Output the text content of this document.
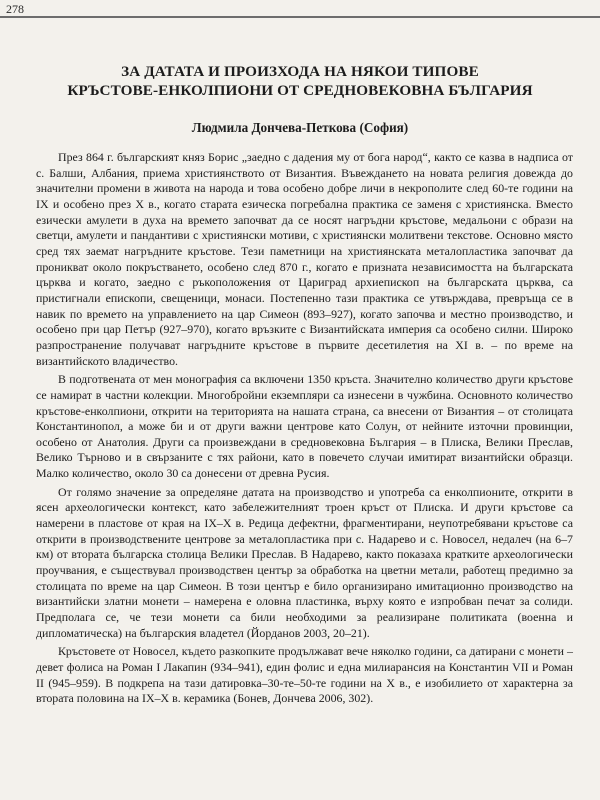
278
ЗА ДАТАТА И ПРОИЗХОДА НА НЯКОИ ТИПОВЕ
КРЪСТОВЕ-ЕНКОЛПИОНИ ОТ СРЕДНОВЕКОВНА БЪЛГАРИЯ
Людмила Дончева-Петкова (София)

През 864 г. българският княз Борис „заедно с дадения му от бога народ“, както се казва в надписа от с. Балши, Албания, приема християнството от Византия. Въвеждането на новата религия довежда до значителни промени в живота на народа и това особено добре личи в некрополите след 60-те години на IX и особено през X в., когато старата езическа погребална практика се заменя с християнска. Вместо езически амулети в духа на времето започват да се носят нагръдни кръстове, медальони с образи на светци, амулети и пандантиви с християнски мотиви, с християнски молитвени текстове. Основно място сред тях заемат нагръдните кръстове. Тези паметници на християнската металопластика започват да проникват около покръстването, особено след 870 г., когато е призната независимостта на българската църква и когато, заедно с ръкоположения от Цариград архиепископ на българската църква, са пристигнали епископи, свещеници, монаси. Постепенно тази практика се утвърждава, превръща се в навик по времето на управлението на цар Симеон (893–927), когато започва и местно производство, и особено при цар Петър (927–970), когато връзките с Византийската империя са особено силни. Широко разпространение получават нагръдните кръстове в първите десетилетия на XI в. – по време на византийското владичество.

В подготвената от мен монография са включени 1350 кръста. Значително количество други кръстове се намират в частни колекции. Многобройни екземпляри са изнесени в чужбина. Основното количество кръстове-енколпиони, открити на територията на нашата страна, са внесени от Византия – от столицата Константинопол, а може би и от други важни центрове като Солун, от нейните източни провинции, особено от Анатолия. Други са произвеждани в средновековна България – в Плиска, Велики Преслав, Велико Търново и в свързаните с тях райони, като в повечето случаи имитират византийски образци. Малко количество, около 30 са донесени от древна Русия.

От голямо значение за определяне датата на производство и употреба са енколпионите, открити в ясен археологически контекст, като забележителният троен кръст от Плиска. И други кръстове са намерени в пластове от края на IX–X в. Редица дефектни, фрагментирани, неупотребявани кръстове са открити в производствените центрове за металопластика при с. Надарево и с. Новосел, недалеч (на 6–7 км) от втората българска столица Велики Преслав. В Надарево, както показаха кратките археологически проучвания, е съществувал производствен център за обработка на цветни метали, работещ предимно за столицата по време на цар Симеон. В този център е било организирано имитационно производство на византийски златни монети – намерена е оловна пластинка, върху която е изпробван печат за солиди. Предполага се, че тези монети са били необходими за реализиране политиката (военна и дипломатическа) на българския владетел (Йорданов 2003, 20–21).

Кръстовете от Новосел, където разкопките продължават вече няколко години, са датирани с монети – девет фолиса на Роман I Лакапин (934–941), един фолис и една милиарансия на Константин VII и Роман II (945–959). В подкрепа на тази датировка–30-те–50-те години на X в., е изобилието от характерна за втората половина на IX–X в. керамика (Бонев, Дончева 2006, 302).
